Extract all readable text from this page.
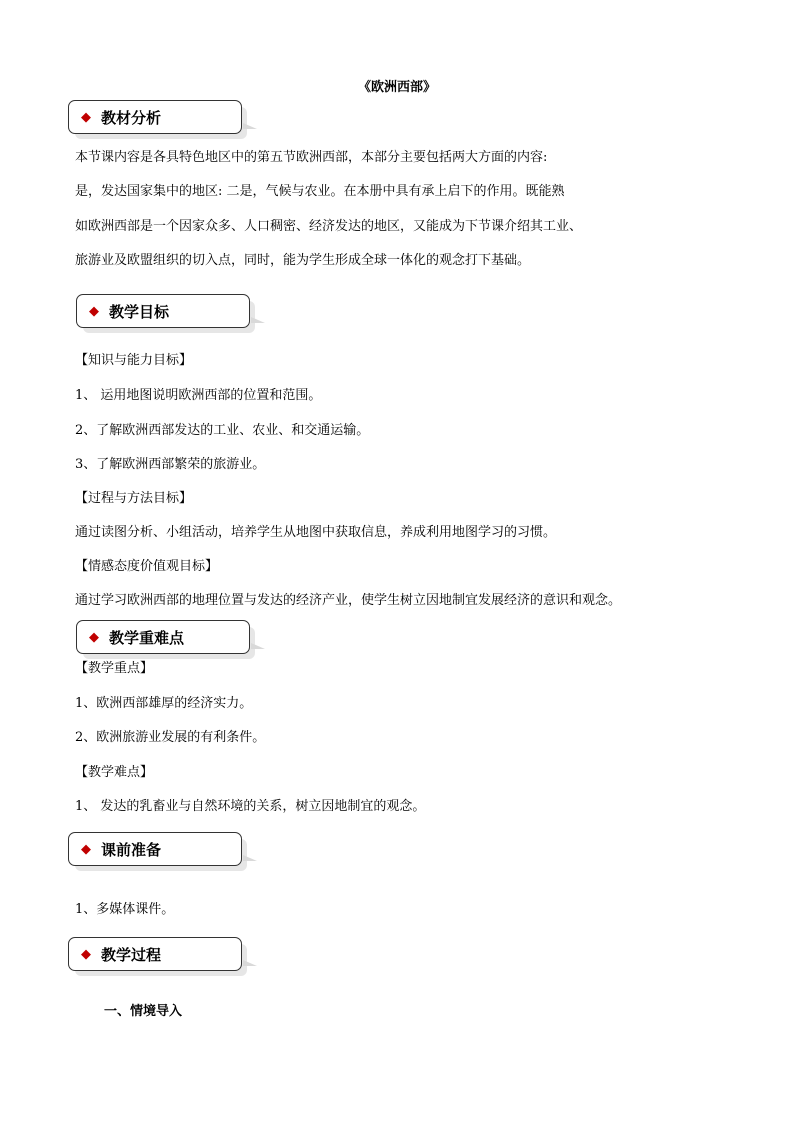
《欧洲西部》
◆ 教材分析
本节课内容是各具特色地区中的第五节欧洲西部，本部分主要包括两大方面的内容:
是，发达国家集中的地区: 二是，气候与农业。在本册中具有承上启下的作用。既能熟
如欧洲西部是一个因家众多、人口稠密、经济发达的地区，又能成为下节课介绍其工业、
旅游业及欧盟组织的切入点，同时，能为学生形成全球一体化的观念打下基础。
◆ 教学目标
【知识与能力目标】
1、 运用地图说明欧洲西部的位置和范围。
2、了解欧洲西部发达的工业、农业、和交通运输。
3、了解欧洲西部繁荣的旅游业。
【过程与方法目标】
通过读图分析、小组活动，培养学生从地图中获取信息，养成利用地图学习的习惯。
【情感态度价值观目标】
通过学习欧洲西部的地理位置与发达的经济产业，使学生树立因地制宜发展经济的意识和观念。
◆ 教学重难点
【教学重点】
1、欧洲西部雄厚的经济实力。
2、欧洲旅游业发展的有利条件。
【教学难点】
1、 发达的乳畜业与自然环境的关系，树立因地制宜的观念。
◆ 课前准备
1、多媒体课件。
◆ 教学过程
一、情境导入
